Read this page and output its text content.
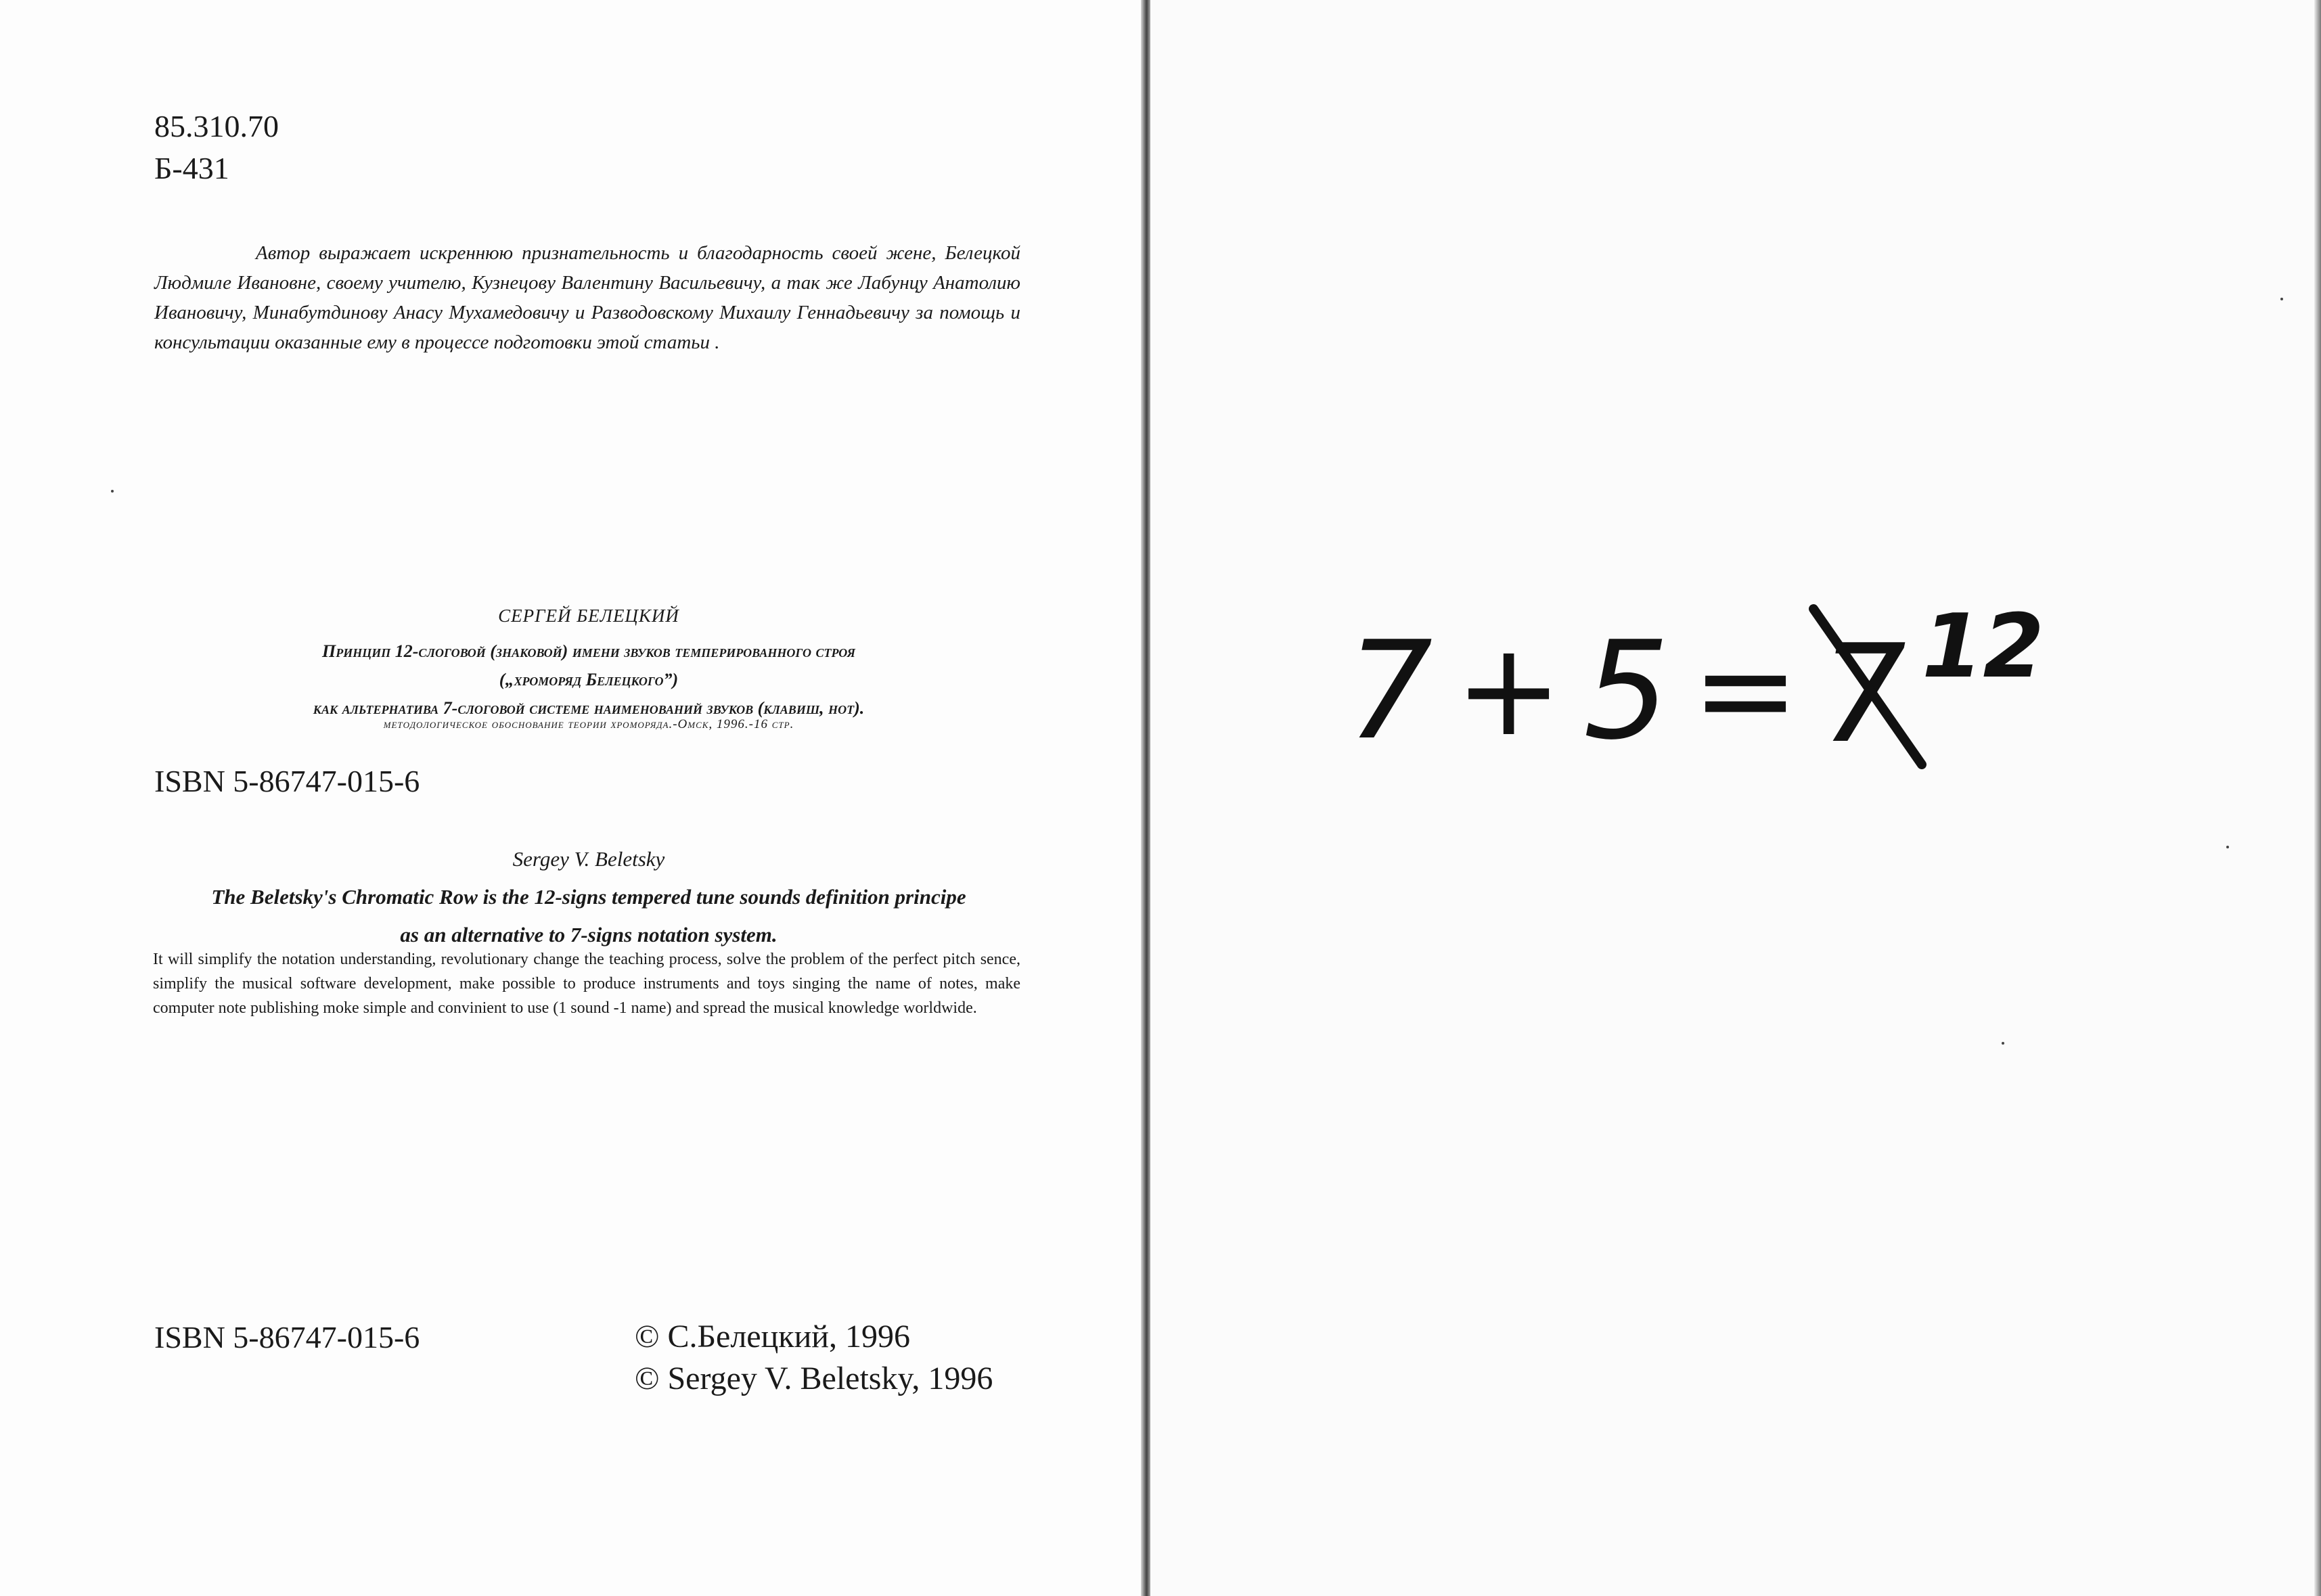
85.310.70
Б-431

Автор выражает искреннюю признательность и благодарность своей жене, Белецкой Людмиле Ивановне, своему учителю, Кузнецову Валентину Васильевичу, а так же Лабунцу Анатолию Ивановичу, Минабутдинову Анасу Мухамедовичу и Разводовскому Михаилу Геннадьевичу за помощь и консультации оказанные ему в процессе подготовки этой статьи .

СЕРГЕЙ БЕЛЕЦКИЙ
Принцип 12-слоговой (знаковой) имени звуков темперированного строя
(„хроморяд Белецкого”)
как альтернатива 7-слоговой системе наименований звуков (клавиш, нот).
методологическое обоснование теории хроморяда.-Омск, 1996.-16 стр.
ISBN 5-86747-015-6
Sergey V. Beletsky
The Beletsky's Chromatic Row is the 12-signs tempered tune sounds definition principe
as an alternative to 7-signs notation system.

It will simplify the notation understanding, revolutionary change the teaching process, solve the problem of the perfect pitch sence, simplify the musical software development, make possible to produce instruments and toys singing the name of notes, make computer note publishing moke simple and convinient to use (1 sound -1 name) and spread the musical knowledge worldwide.

ISBN 5-86747-015-6	© С.Белецкий, 1996
© Sergey V. Beletsky, 1996
7 + 5 = 7 12
